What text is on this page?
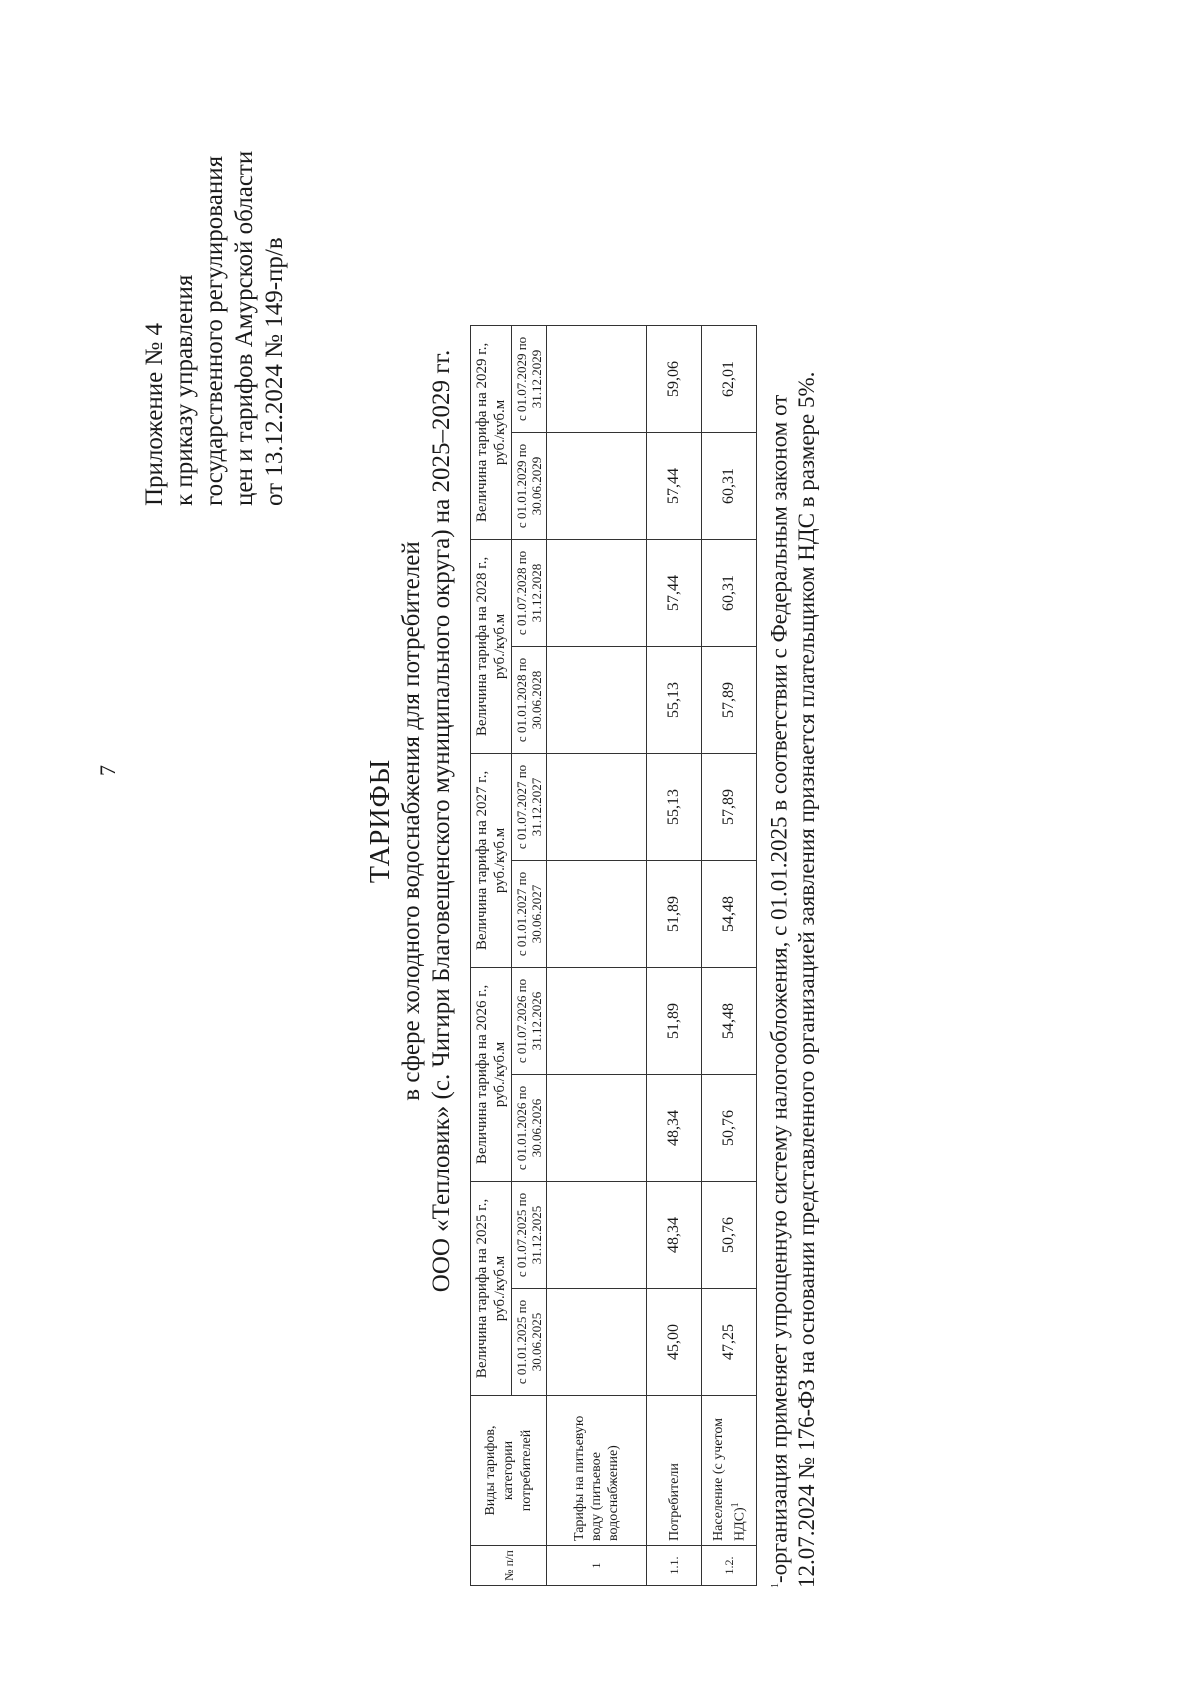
7
Приложение № 4 к приказу управления государственного регулирования цен и тарифов Амурской области от 13.12.2024 № 149-пр/в
ТАРИФЫ в сфере холодного водоснабжения для потребителей ООО «Тепловик» (с. Чигири Благовещенского муниципального округа) на 2025–2029 гг.
№ п/п	Виды тарифов, категории потребителей	Величина тарифа на 2025 г., руб./куб.м		Величина тарифа на 2026 г., руб./куб.м		Величина тарифа на 2027 г., руб./куб.м		Величина тарифа на 2028 г., руб./куб.м		Величина тарифа на 2029 г., руб./куб.м	
		с 01.01.2025 по 30.06.2025	с 01.07.2025 по 31.12.2025	с 01.01.2026 по 30.06.2026	с 01.07.2026 по 31.12.2026	с 01.01.2027 по 30.06.2027	с 01.07.2027 по 31.12.2027	с 01.01.2028 по 30.06.2028	с 01.07.2028 по 31.12.2028	с 01.01.2029 по 30.06.2029	с 01.07.2029 по 31.12.2029
1	Тарифы на питьевую воду (питьевое водоснабжение)										
1.1.	Потребители	45,00	48,34	48,34	51,89	51,89	55,13	55,13	57,44	57,44	59,06
1.2.	Население (с учетом НДС)$^1$	47,25	50,76	50,76	54,48	54,48	57,89	57,89	60,31	60,31	62,01
$^1$-организация применяет упрощенную систему налогообложения, с 01.01.2025 в соответствии с Федеральным законом от 12.07.2024 № 176-ФЗ на основании представленного организацией заявления признается плательщиком НДС в размере 5%.
